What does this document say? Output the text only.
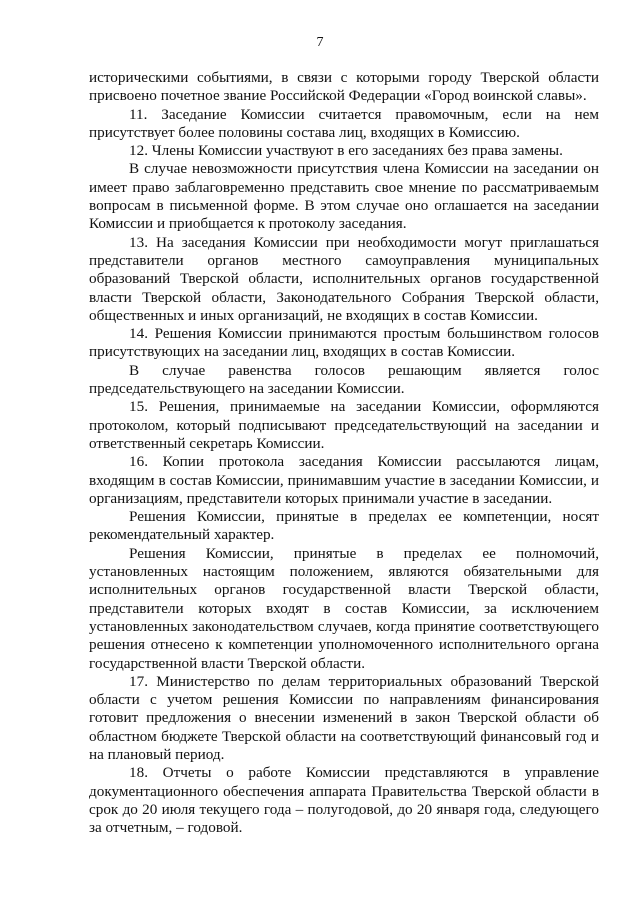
7

историческими событиями, в связи с которыми городу Тверской области присвоено почетное звание Российской Федерации «Город воинской славы».

11. Заседание Комиссии считается правомочным, если на нем присутствует более половины состава лиц, входящих в Комиссию.

12. Члены Комиссии участвуют в его заседаниях без права замены.

В случае невозможности присутствия члена Комиссии на заседании он имеет право заблаговременно представить свое мнение по рассматриваемым вопросам в письменной форме. В этом случае оно оглашается на заседании Комиссии и приобщается к протоколу заседания.

13. На заседания Комиссии при необходимости могут приглашаться представители органов местного самоуправления муниципальных образований Тверской области, исполнительных органов государственной власти Тверской области, Законодательного Собрания Тверской области, общественных и иных организаций, не входящих в состав Комиссии.

14. Решения Комиссии принимаются простым большинством голосов присутствующих на заседании лиц, входящих в состав Комиссии.

В случае равенства голосов решающим является голос председательствующего на заседании Комиссии.

15. Решения, принимаемые на заседании Комиссии, оформляются протоколом, который подписывают председательствующий на заседании и ответственный секретарь Комиссии.

16. Копии протокола заседания Комиссии рассылаются лицам, входящим в состав Комиссии, принимавшим участие в заседании Комиссии, и организациям, представители которых принимали участие в заседании.

Решения Комиссии, принятые в пределах ее компетенции, носят рекомендательный характер.

Решения Комиссии, принятые в пределах ее полномочий, установленных настоящим положением, являются обязательными для исполнительных органов государственной власти Тверской области, представители которых входят в состав Комиссии, за исключением установленных законодательством случаев, когда принятие соответствующего решения отнесено к компетенции уполномоченного исполнительного органа государственной власти Тверской области.

17. Министерство по делам территориальных образований Тверской области с учетом решения Комиссии по направлениям финансирования готовит предложения о внесении изменений в закон Тверской области об областном бюджете Тверской области на соответствующий финансовый год и на плановый период.

18. Отчеты о работе Комиссии представляются в управление документационного обеспечения аппарата Правительства Тверской области в срок до 20 июля текущего года – полугодовой, до 20 января года, следующего за отчетным, – годовой.
